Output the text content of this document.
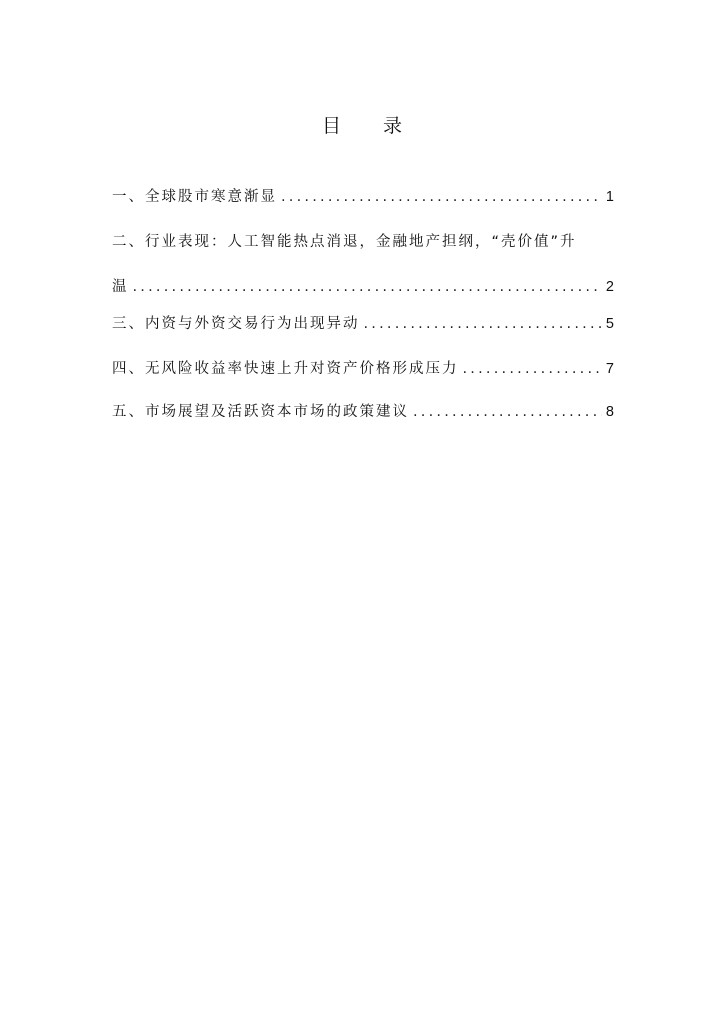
目 录
一、全球股市寒意渐显 .....	1
二、行业表现：人工智能热点消退，金融地产担纲，“壳价值”升
温 .....	2
三、内资与外资交易行为出现异动 .....	5
四、无风险收益率快速上升对资产价格形成压力 .....	7
五、市场展望及活跃资本市场的政策建议 .....	8
